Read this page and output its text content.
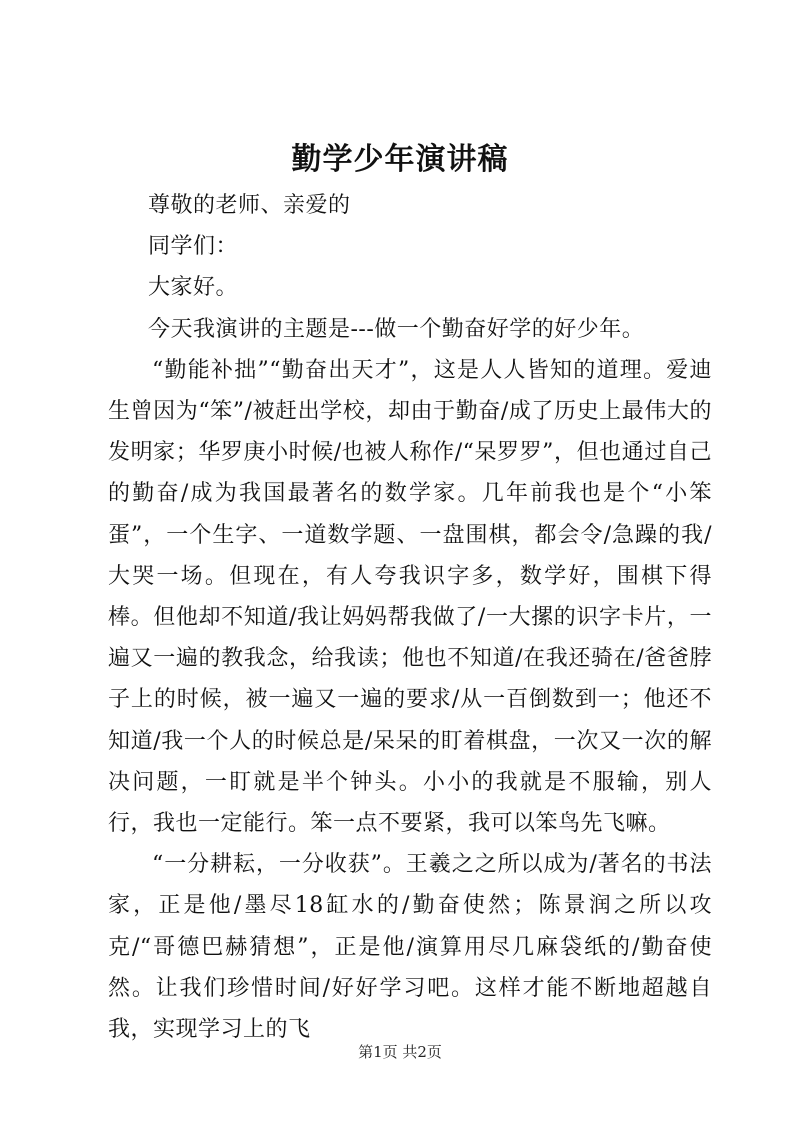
勤学少年演讲稿

尊敬的老师、亲爱的

同学们：

大家好。

今天我演讲的主题是---做一个勤奋好学的好少年。

“勤能补拙”“勤奋出天才”，这是人人皆知的道理。爱迪生曾因为“笨”/被赶出学校，却由于勤奋/成了历史上最伟大的发明家；华罗庚小时候/也被人称作/“呆罗罗”，但也通过自己的勤奋/成为我国最著名的数学家。几年前我也是个“小笨蛋”，一个生字、一道数学题、一盘围棋，都会令/急躁的我/大哭一场。但现在，有人夸我识字多，数学好，围棋下得棒。但他却不知道/我让妈妈帮我做了/一大摞的识字卡片，一遍又一遍的教我念，给我读；他也不知道/在我还骑在/爸爸脖子上的时候，被一遍又一遍的要求/从一百倒数到一；他还不知道/我一个人的时候总是/呆呆的盯着棋盘，一次又一次的解决问题，一盯就是半个钟头。小小的我就是不服输，别人行，我也一定能行。笨一点不要紧，我可以笨鸟先飞嘛。

“一分耕耘，一分收获”。王羲之之所以成为/著名的书法家，正是他/墨尽18缸水的/勤奋使然；陈景润之所以攻克/“哥德巴赫猜想”，正是他/演算用尽几麻袋纸的/勤奋使然。让我们珍惜时间/好好学习吧。这样才能不断地超越自我，实现学习上的飞

第1页 共2页
